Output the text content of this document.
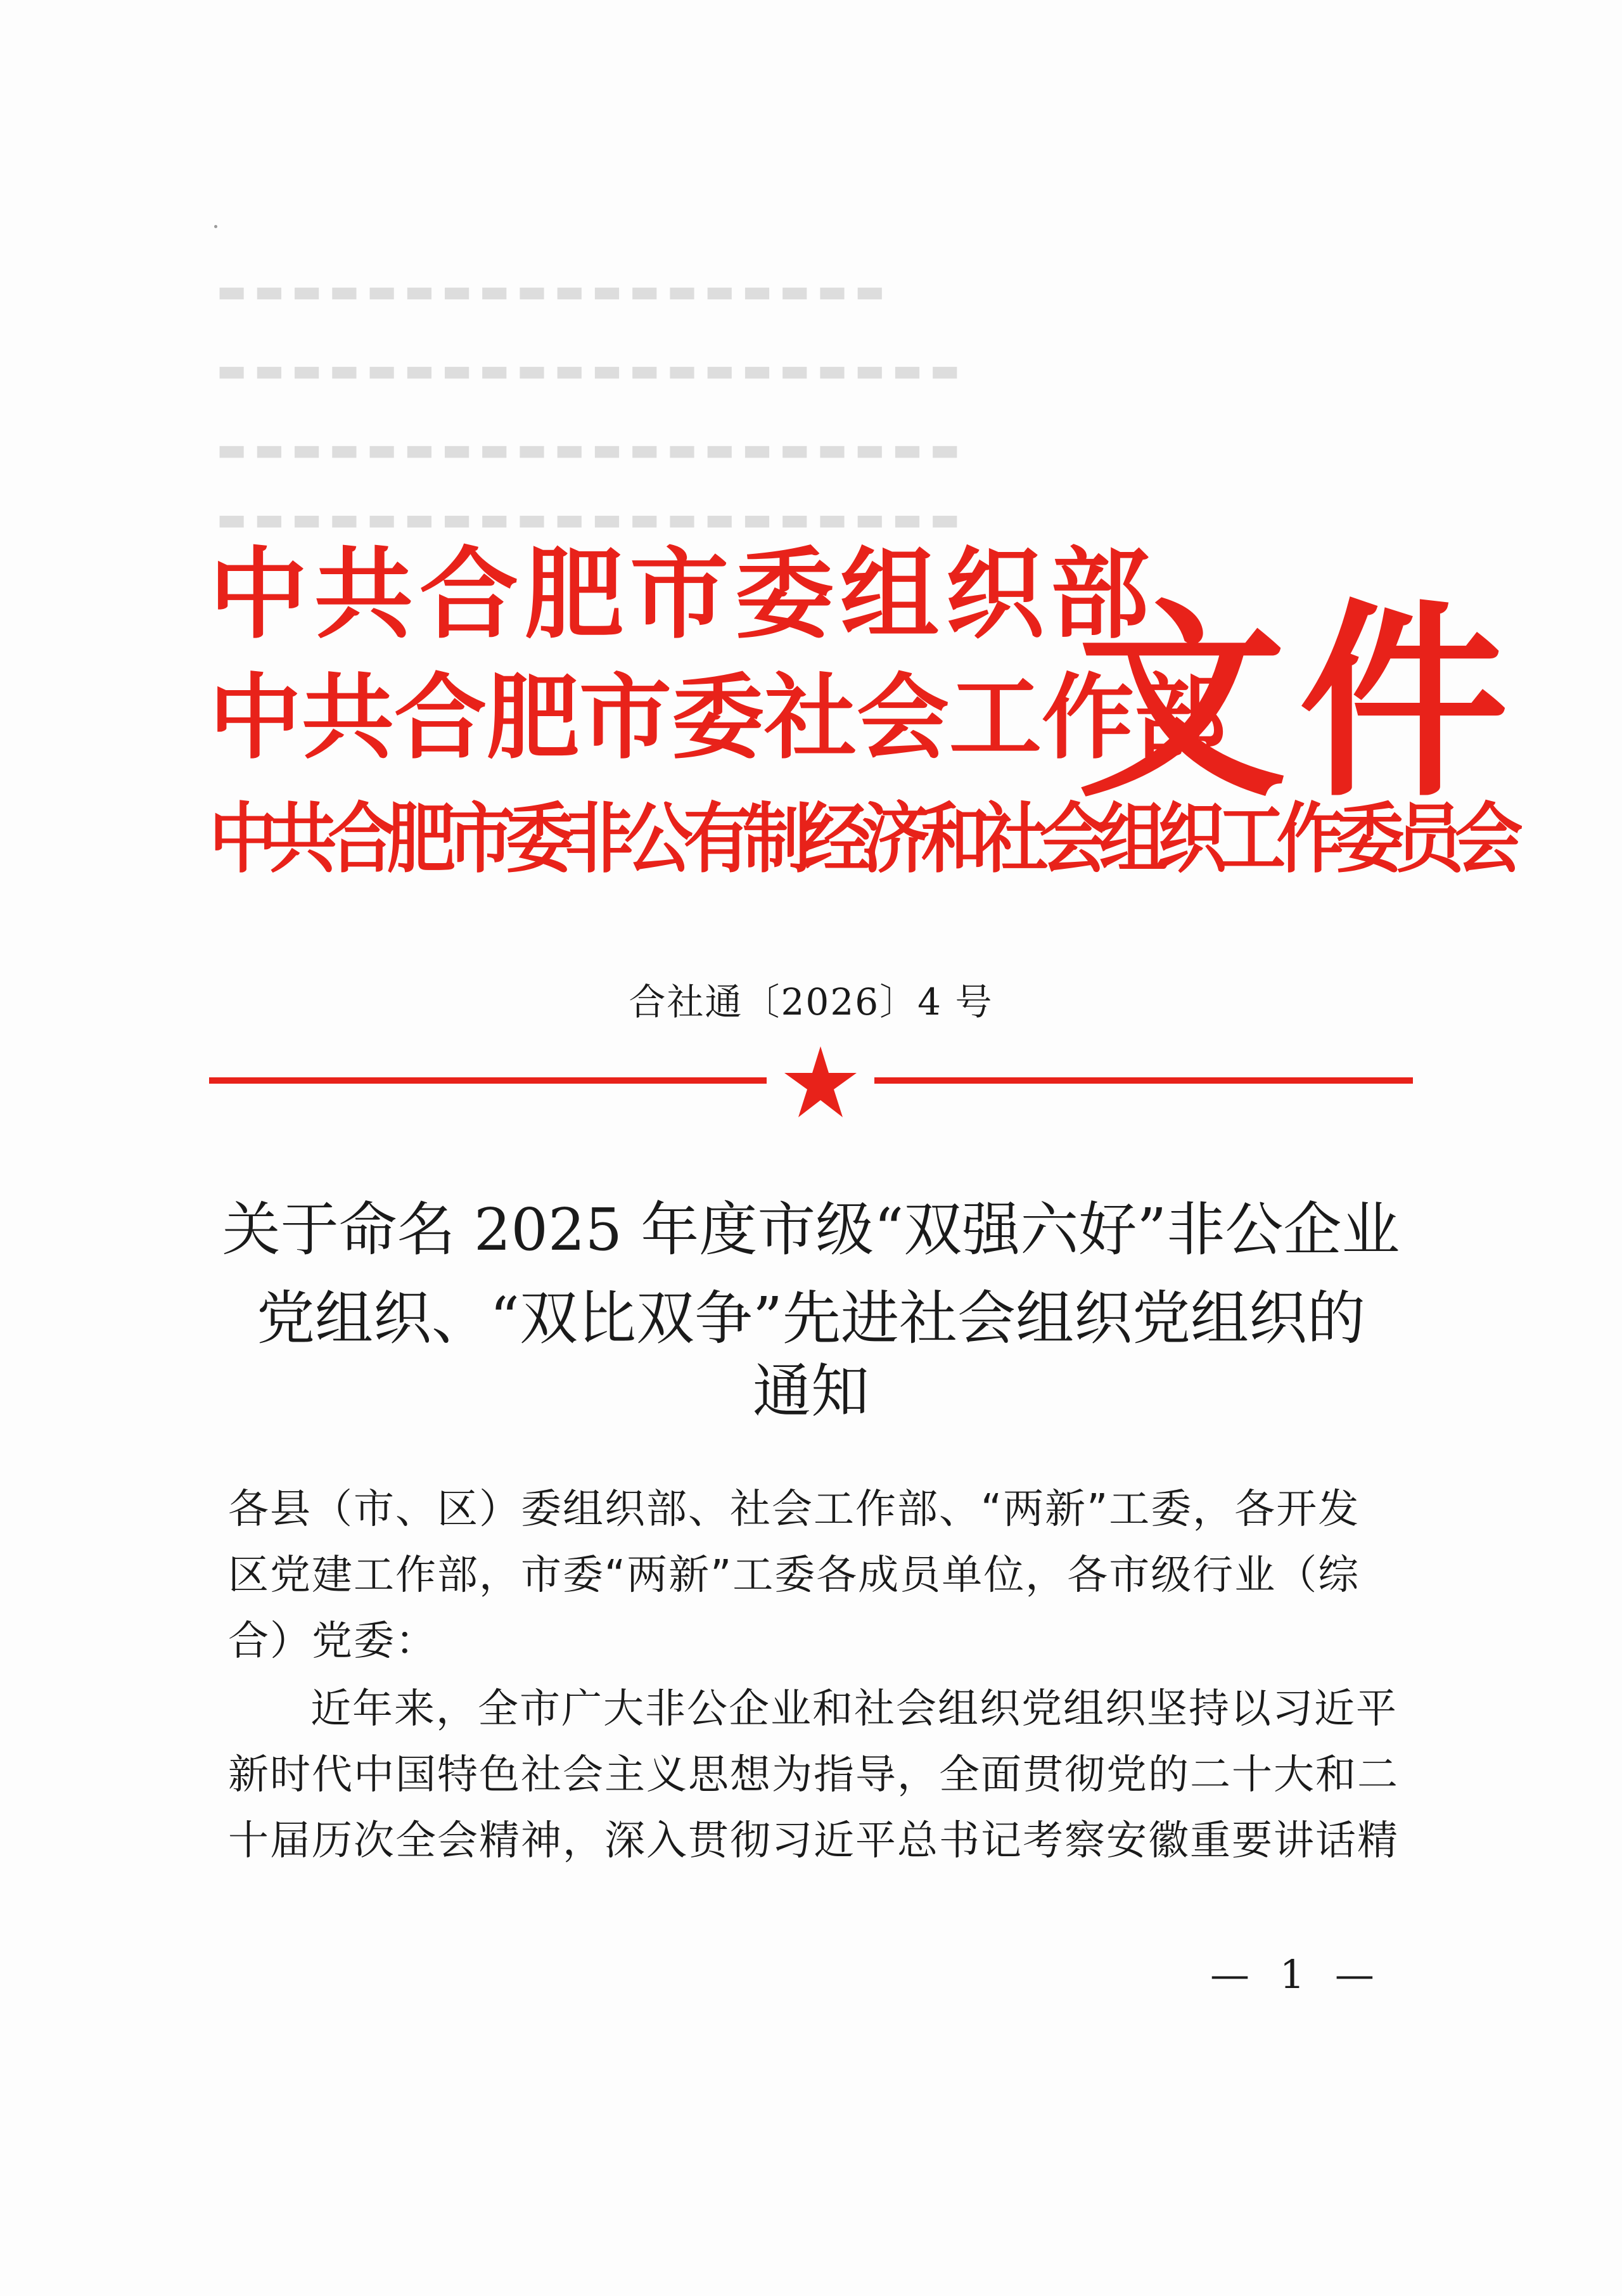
▬▬▬▬▬▬▬▬▬▬▬▬▬▬▬▬▬▬
▬▬▬▬▬▬▬▬▬▬▬▬▬▬▬▬▬▬▬▬
▬▬▬▬▬▬▬▬▬▬▬▬▬▬▬▬▬▬▬▬
▬▬▬▬▬▬▬▬▬▬▬▬▬▬▬▬▬▬▬▬
中共合肥市委组织部
中共合肥市委社会工作部
中共合肥市委非公有制经济和社会组织工作委员会
文件
合社通〔2026〕4 号
关于命名 2025 年度市级“双强六好”非公企业
党组织、“双比双争”先进社会组织党组织的
通知
各县（市、区）委组织部、社会工作部、“两新”工委，各开发
区党建工作部，市委“两新”工委各成员单位，各市级行业（综
合）党委：
近年来，全市广大非公企业和社会组织党组织坚持以习近平
新时代中国特色社会主义思想为指导，全面贯彻党的二十大和二
十届历次全会精神，深入贯彻习近平总书记考察安徽重要讲话精
— 1 —
